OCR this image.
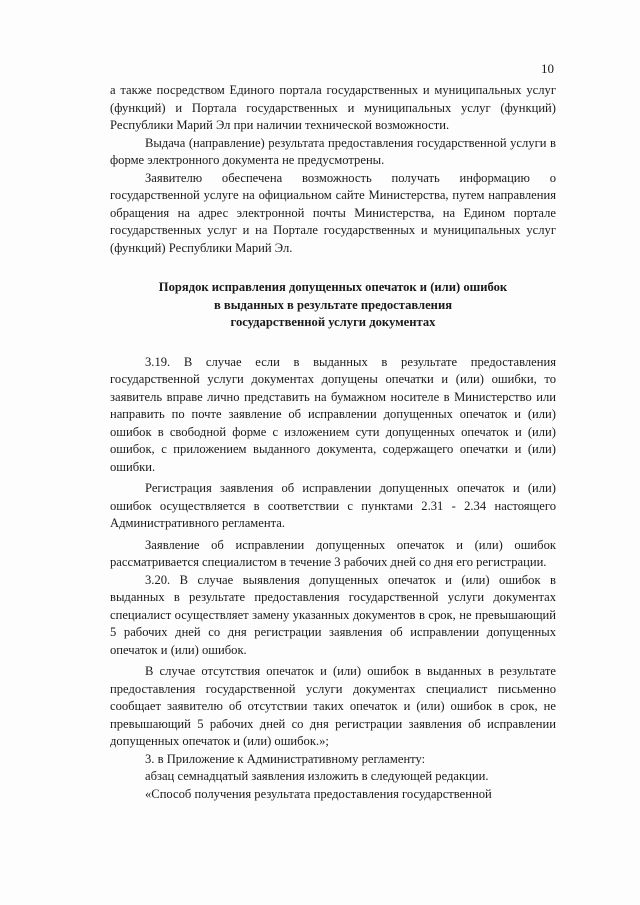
10

а также посредством Единого портала государственных и муниципальных услуг (функций) и Портала государственных и муниципальных услуг (функций) Республики Марий Эл при наличии технической возможности.

Выдача (направление) результата предоставления государственной услуги в форме электронного документа не предусмотрены.

Заявителю обеспечена возможность получать информацию о государственной услуге на официальном сайте Министерства, путем направления обращения на адрес электронной почты Министерства, на Едином портале государственных услуг и на Портале государственных и муниципальных услуг (функций) Республики Марий Эл.

Порядок исправления допущенных опечаток и (или) ошибок
в выданных в результате предоставления
государственной услуги документах

3.19. В случае если в выданных в результате предоставления государственной услуги документах допущены опечатки и (или) ошибки, то заявитель вправе лично представить на бумажном носителе в Министерство или направить по почте заявление об исправлении допущенных опечаток и (или) ошибок в свободной форме с изложением сути допущенных опечаток и (или) ошибок, с приложением выданного документа, содержащего опечатки и (или) ошибки.

Регистрация заявления об исправлении допущенных опечаток и (или) ошибок осуществляется в соответствии с пунктами 2.31 - 2.34 настоящего Административного регламента.

Заявление об исправлении допущенных опечаток и (или) ошибок рассматривается специалистом в течение 3 рабочих дней со дня его регистрации.

3.20. В случае выявления допущенных опечаток и (или) ошибок в выданных в результате предоставления государственной услуги документах специалист осуществляет замену указанных документов в срок, не превышающий 5 рабочих дней со дня регистрации заявления об исправлении допущенных опечаток и (или) ошибок.

В случае отсутствия опечаток и (или) ошибок в выданных в результате предоставления государственной услуги документах специалист письменно сообщает заявителю об отсутствии таких опечаток и (или) ошибок в срок, не превышающий 5 рабочих дней со дня регистрации заявления об исправлении допущенных опечаток и (или) ошибок.»;

3. в Приложение к Административному регламенту:

абзац семнадцатый заявления изложить в следующей редакции.

«Способ получения результата предоставления государственной
